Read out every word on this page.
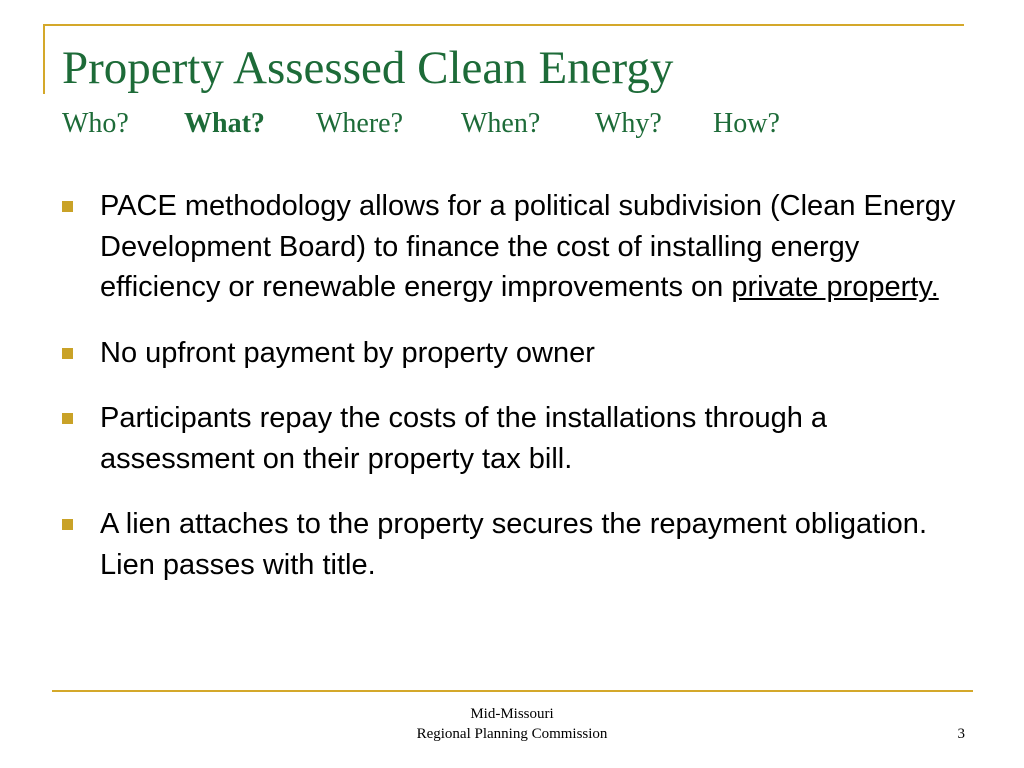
Property Assessed Clean Energy
Who? What? Where? When? Why? How?
PACE methodology allows for a political subdivision (Clean Energy Development Board) to finance the cost of installing energy efficiency or renewable energy improvements on private property.
No upfront payment by property owner
Participants repay the costs of the installations through a assessment on their property tax bill.
A lien attaches to the property secures the repayment obligation. Lien passes with title.
Mid-Missouri
Regional Planning Commission	3
